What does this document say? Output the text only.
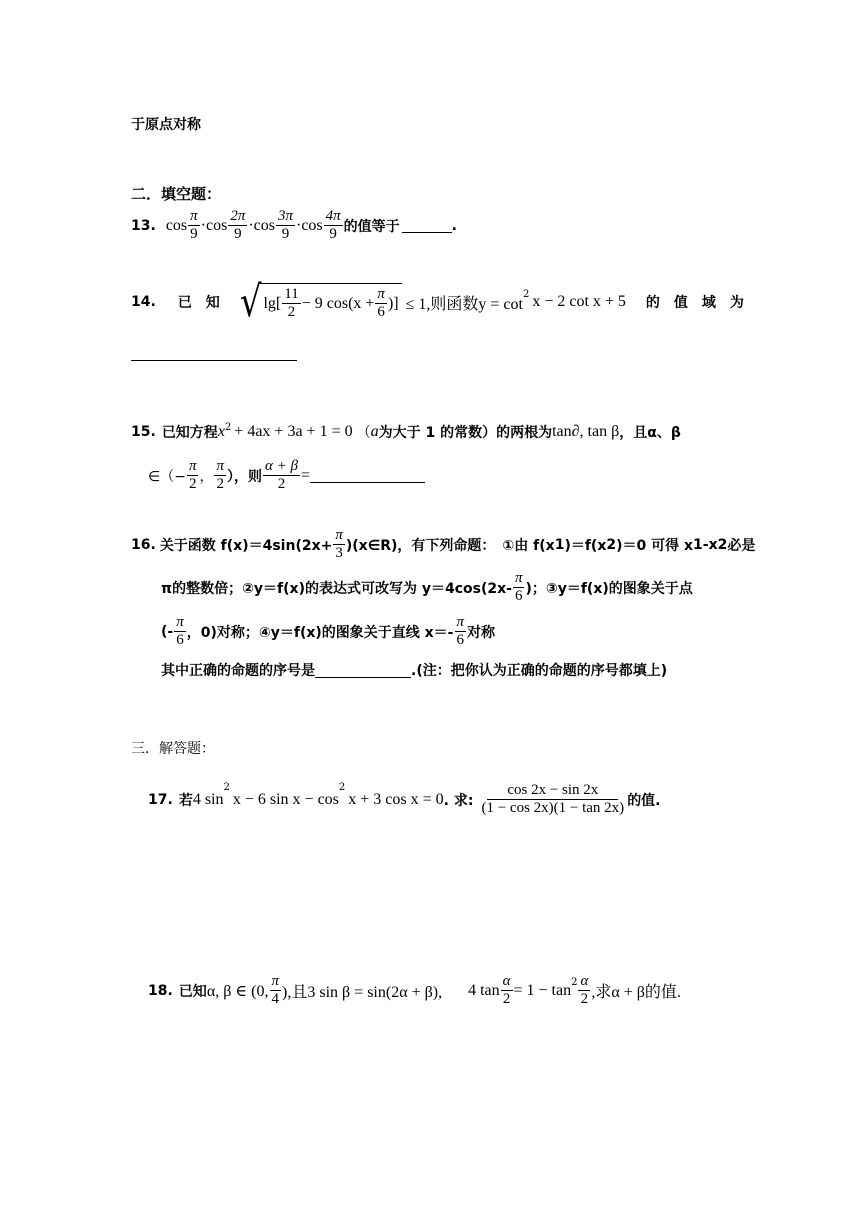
于原点对称
二．填空题：
13. $\cos \frac{\pi}{9} \cdot \cos \frac{2\pi}{9} \cdot \cos \frac{3\pi}{9} \cdot \cos \frac{4\pi}{9}$ 的值等于	.
14. 已　知 √ $\lg[ \frac{11}{2} - 9$ $\cos(x + \frac{\pi}{6}$ )] ≤ 1,则函数y = cot
$^2$ x − 2 cot x + 5 的　值　域　为
15. 已知方程 $x^2 + 4ax + 3a + 1 = 0$ （ a 为大于 1 的常数）的两根为 tan∂, tan β ，且α、β
∈（− $\frac{\pi}{2}$ ， $\frac{\pi}{2}$ ），则 $\frac{\alpha + \beta}{2}$ =
16. 关于函数 $f(x)=4\sin(2x+ \frac{\pi}{3}$ )(x∈R)，有下列命题：　①由 f(x 1 )＝f(x 2 )＝0 可得 x 1 -x 2 必是
π的整数倍；②y＝f(x)的表达式可改写为 $y=4\cos(2x- \frac{\pi}{6}$ )；③y＝f(x)的图象关于点
(- $\frac{\pi}{6}$ ，0)对称；④y＝f(x)的图象关于直线 $x=- \frac{\pi}{6}$ 对称
其中正确的命题的序号是	.(注：把你认为正确的命题的序号都填上)
三．解答题：
17. 若 4 sin
$^2$
x − 6 sin x − cos
$^2$
x + 3 cos x = 0 . 求: $\frac{\cos 2x - \sin 2x}{(1 - \cos 2x)(1 - \tan 2x)}$ 的值.
18. 已知 α, β ∈ (0, $\frac{\pi}{4}$ ),且3 sin β = sin(2α + β), 4 $\tan \frac{\alpha}{2} = 1 - \tan^2 \frac{\alpha}{2}$ ,求α + β的值.
